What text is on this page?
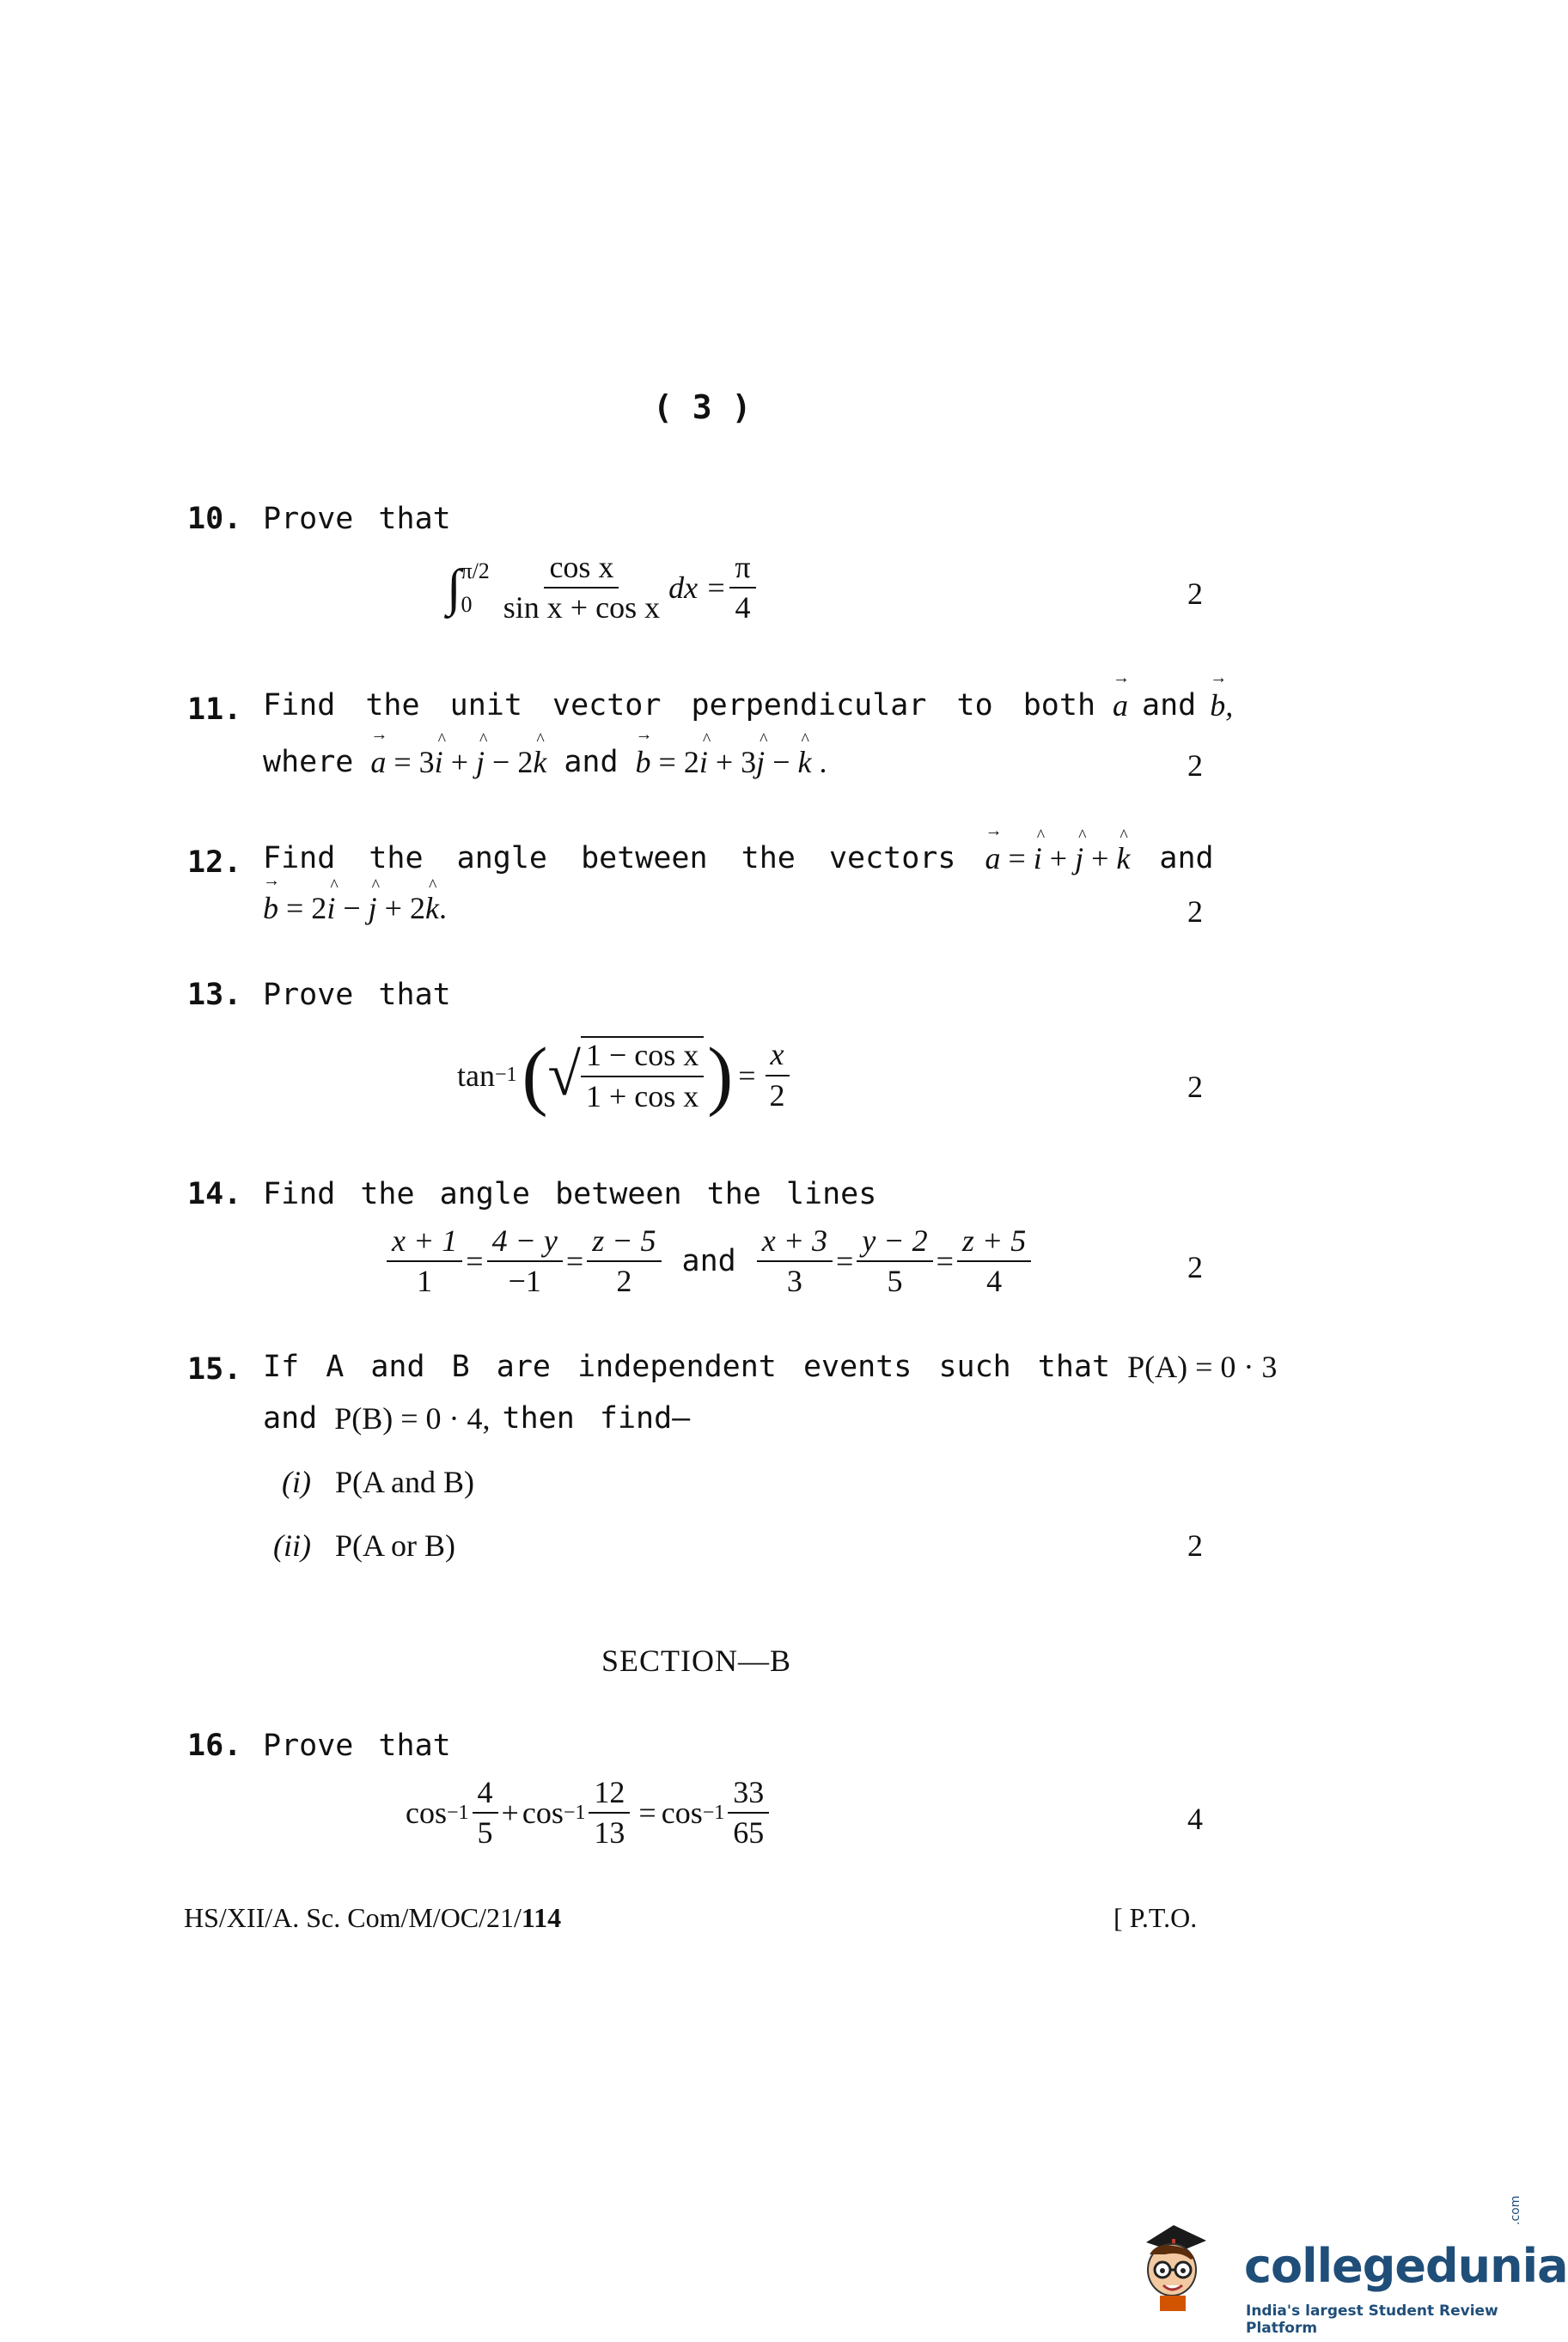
( 3 )
10. Prove that
∫ π/2
$0 \frac{\text{cos x}}{\text{sin x + cos x}}$ dx = $\frac{\pi}{4}$	2
11. Find the unit vector perpendicular to both → a and → b,
where → a = 3^ i + ^ j − 2^ k and → b = 2^ i + 3^ j − ^ k .	2
12. Find the angle between the vectors → a = ^ i + ^ j + ^ k and
→ b = 2^ i − ^ j + 2^ k.	2
13. Prove that
tan −1 ( √ $\frac{\text{1 − cos x}}{\text{1 + cos x}}$ ) = $\frac{x}{2}$	2
14. Find the angle between the lines
$\frac{x + 1}{1} = \frac{4 - y}{-1} = \frac{z - 5}{2}$ and $\frac{x + 3}{3} = \frac{y - 2}{5} = \frac{z + 5}{4}$	2
15. If A and B are independent events such that P(A) = 0 · 3
and P(B) = 0 · 4, then find—
(i) P(A and B)
(ii) P(A or B)	2
SECTION—B
16. Prove that
$\cos -1 \frac{4}{5} + \cos -1 \frac{12}{13} = \cos -1 \frac{33}{65}$	4
HS/XII/A. Sc. Com/M/OC/21/114	[ P.T.O.
collegedunia
.com
India's largest Student Review Platform
